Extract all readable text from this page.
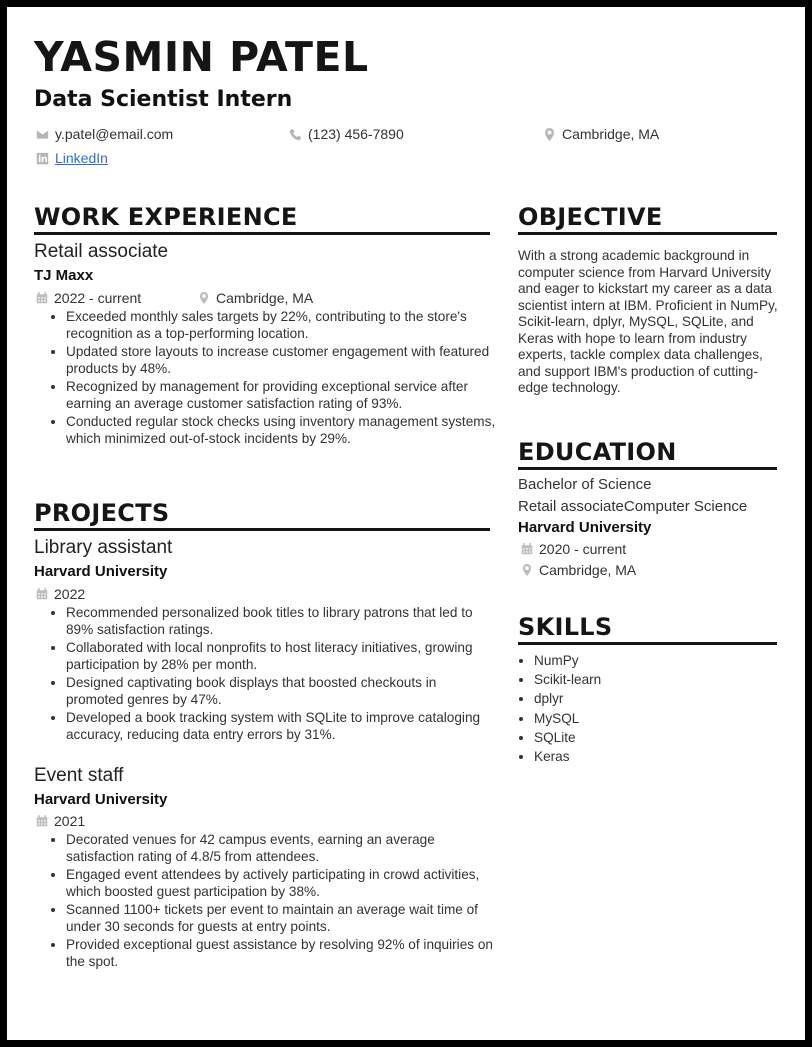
YASMIN PATEL
Data Scientist Intern
y.patel@email.com	(123) 456-7890	Cambridge, MA
LinkedIn
WORK EXPERIENCE
Retail associate
TJ Maxx
2022 - current	Cambridge, MA
• Exceeded monthly sales targets by 22%, contributing to the store's recognition as a top-performing location.
• Updated store layouts to increase customer engagement with featured products by 48%.
• Recognized by management for providing exceptional service after earning an average customer satisfaction rating of 93%.
• Conducted regular stock checks using inventory management systems, which minimized out-of-stock incidents by 29%.
PROJECTS
Library assistant
Harvard University
2022
• Recommended personalized book titles to library patrons that led to 89% satisfaction ratings.
• Collaborated with local nonprofits to host literacy initiatives, growing participation by 28% per month.
• Designed captivating book displays that boosted checkouts in promoted genres by 47%.
• Developed a book tracking system with SQLite to improve cataloging accuracy, reducing data entry errors by 31%.
Event staff
Harvard University
2021
• Decorated venues for 42 campus events, earning an average satisfaction rating of 4.8/5 from attendees.
• Engaged event attendees by actively participating in crowd activities, which boosted guest participation by 38%.
• Scanned 1100+ tickets per event to maintain an average wait time of under 30 seconds for guests at entry points.
• Provided exceptional guest assistance by resolving 92% of inquiries on the spot.
OBJECTIVE

With a strong academic background in computer science from Harvard University and eager to kickstart my career as a data scientist intern at IBM. Proficient in NumPy, Scikit-learn, dplyr, MySQL, SQLite, and Keras with hope to learn from industry experts, tackle complex data challenges, and support IBM's production of cutting-edge technology.

EDUCATION
Bachelor of Science
Retail associateComputer Science
Harvard University
2020 - current
Cambridge, MA
SKILLS
• NumPy
• Scikit-learn
• dplyr
• MySQL
• SQLite
• Keras
